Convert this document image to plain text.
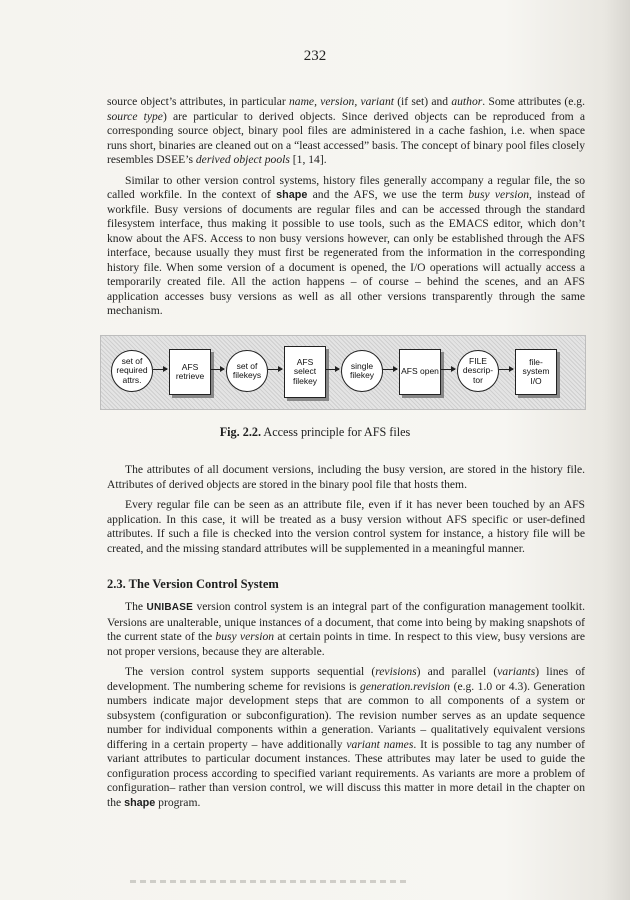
232

source object’s attributes, in particular name, version, variant (if set) and author. Some attributes (e.g. source type) are particular to derived objects. Since derived objects can be reproduced from a corresponding source object, binary pool files are administered in a cache fashion, i.e. when space runs short, binaries are cleaned out on a “least accessed” basis. The concept of binary pool files closely resembles DSEE’s derived object pools [1, 14].

Similar to other version control systems, history files generally accompany a regular file, the so called workfile. In the context of shape and the AFS, we use the term busy version, instead of workfile. Busy versions of documents are regular files and can be accessed through the standard filesystem interface, thus making it possible to use tools, such as the EMACS editor, which don’t know about the AFS. Access to non busy versions however, can only be established through the AFS interface, because usually they must first be regenerated from the information in the corresponding history file. When some version of a document is opened, the I/O operations will actually access a temporarily created file. All the action happens – of course – behind the scenes, and an AFS application accesses busy versions as well as all other versions transparently through the same mechanism.

set of required attrs.
AFS retrieve
set of filekeys
AFS select filekey
single filekey	AFS open
FILE descrip-tor
file-system I/O
Fig. 2.2. Access principle for AFS files

The attributes of all document versions, including the busy version, are stored in the history file. Attributes of derived objects are stored in the binary pool file that hosts them.

Every regular file can be seen as an attribute file, even if it has never been touched by an AFS application. In this case, it will be treated as a busy version without AFS specific or user-defined attributes. If such a file is checked into the version control system for instance, a history file will be created, and the missing standard attributes will be supplemented in a meaningful manner.

2.3. The Version Control System

The UNIBASE version control system is an integral part of the configuration management toolkit. Versions are unalterable, unique instances of a document, that come into being by making snapshots of the current state of the busy version at certain points in time. In respect to this view, busy versions are not proper versions, because they are alterable.

The version control system supports sequential (revisions) and parallel (variants) lines of development. The numbering scheme for revisions is generation.revision (e.g. 1.0 or 4.3). Generation numbers indicate major development steps that are common to all components of a system or subsystem (configuration or subconfiguration). The revision number serves as an update sequence number for individual components within a generation. Variants – qualitatively equivalent versions differing in a certain property – have additionally variant names. It is possible to tag any number of variant attributes to particular document instances. These attributes may later be used to guide the configuration process according to specified variant requirements. As variants are more a problem of configuration– rather than version control, we will discuss this matter in more detail in the chapter on the shape program.
